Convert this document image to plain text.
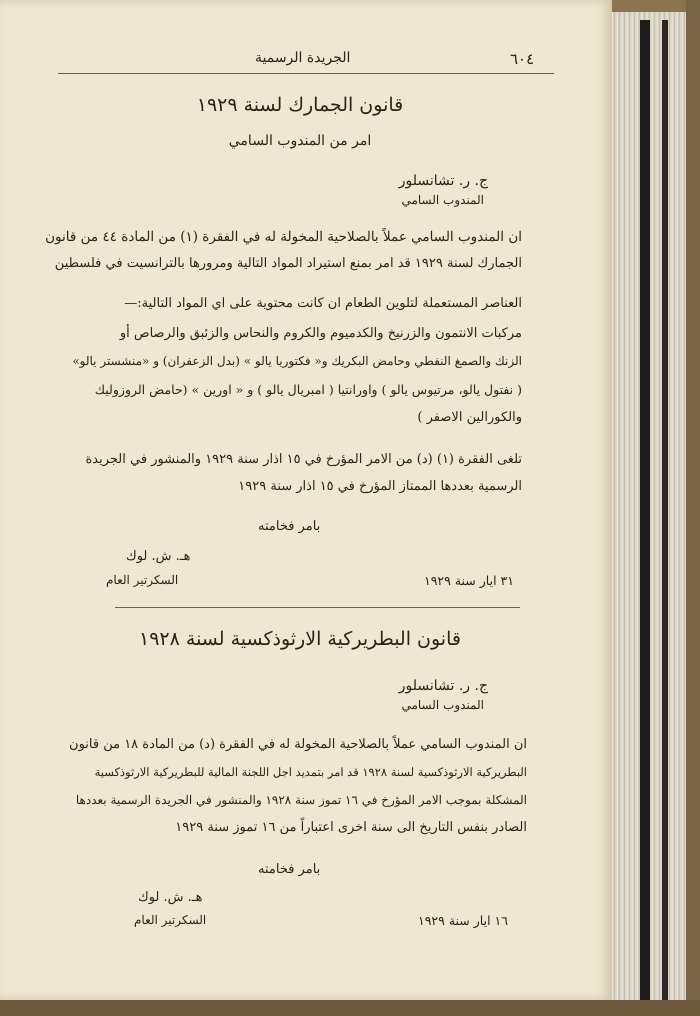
٦٠٤
الجريدة الرسمية
قانون الجمارك لسنة ١٩٢٩
امر من المندوب السامي
ج. ر. تشانسلور
المندوب السامي
ان المندوب السامي عملاً بالصلاحية المخولة له في الفقرة (١) من المادة ٤٤ من قانون
الجمارك لسنة ١٩٢٩ قد امر بمنع استيراد المواد التالية ومرورها بالترانسيت في فلسطين
العناصر المستعملة لتلوين الطعام ان كانت محتوية على اي المواد التالية:—
مركبات الانتمون والزرنيخ والكدميوم والكروم والنحاس والزئبق والرصاص أو
الزنك والصمغ النفطي وحامض البكريك و« فكتوريا يالو » (بدل الزعفران) و «منشستر يالو»
( نفتول يالو، مرتيوس يالو ) واورانتيا ( امبريال يالو ) و « اورين » (حامض الروزوليك
والكورالين الاصفر )
تلغى الفقرة (١) (د) من الامر المؤرخ في ١٥ اذار سنة ١٩٢٩ والمنشور في الجريدة
الرسمية بعددها الممتاز المؤرخ في ١٥ اذار سنة ١٩٢٩
بامر فخامته
هـ. ش. لوك
السكرتير العام	٣١ ايار سنة ١٩٢٩
قانون البطريركية الارثوذكسية لسنة ١٩٢٨
ج. ر. تشانسلور
المندوب السامي
ان المندوب السامي عملاً بالصلاحية المخولة له في الفقرة (د) من المادة ١٨ من قانون
البطريركية الارثوذكسية لسنة ١٩٢٨ قد امر بتمديد اجل اللجنة المالية للبطريركية الارثوذكسية
المشكلة بموجب الامر المؤرخ في ١٦ تموز سنة ١٩٢٨ والمنشور في الجريدة الرسمية بعددها
الصادر بنفس التاريخ الى سنة اخرى اعتباراً من ١٦ تموز سنة ١٩٢٩
بامر فخامته
هـ. ش. لوك
السكرتير العام	١٦ ايار سنة ١٩٢٩
